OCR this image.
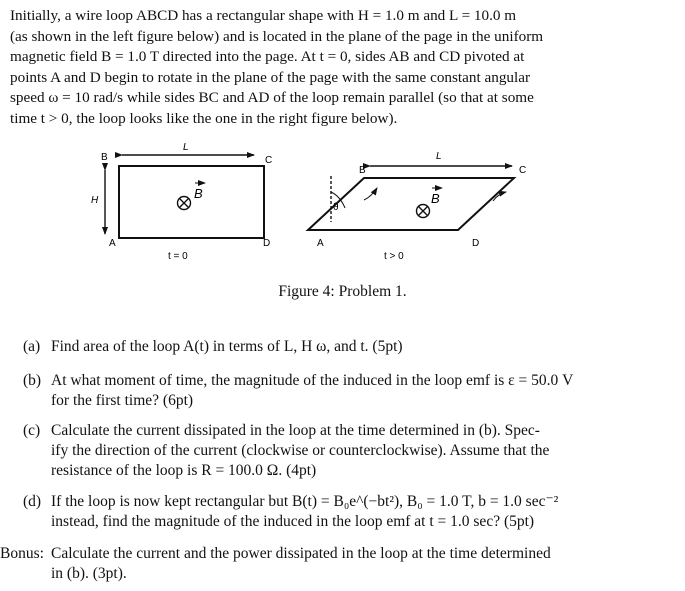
Initially, a wire loop ABCD has a rectangular shape with H = 1.0 m and L = 10.0 m
(as shown in the left figure below) and is located in the plane of the page in the uniform
magnetic field B = 1.0 T directed into the page. At t = 0, sides AB and CD pivoted at
points A and D begin to rotate in the plane of the page with the same constant angular
speed ω = 10 rad/s while sides BC and AD of the loop remain parallel (so that at some
time t > 0, the loop looks like the one in the right figure below).
B	C
A	D
L
H	B
t = 0
θ
B	C
A	D
L
B
t > 0
Figure 4: Problem 1.
(a) Find area of the loop A(t) in terms of L, H ω, and t. (5pt)
(b) At what moment of time, the magnitude of the induced in the loop emf is ε = 50.0 V
for the first time? (6pt)
(c) Calculate the current dissipated in the loop at the time determined in (b). Spec-
ify the direction of the current (clockwise or counterclockwise). Assume that the
resistance of the loop is R = 100.0 Ω. (4pt)
(d) If the loop is now kept rectangular but B(t) = B₀e^(−bt²), B₀ = 1.0 T, b = 1.0 sec⁻²
instead, find the magnitude of the induced in the loop emf at t = 1.0 sec? (5pt)
Bonus: Calculate the current and the power dissipated in the loop at the time determined
in (b). (3pt).
